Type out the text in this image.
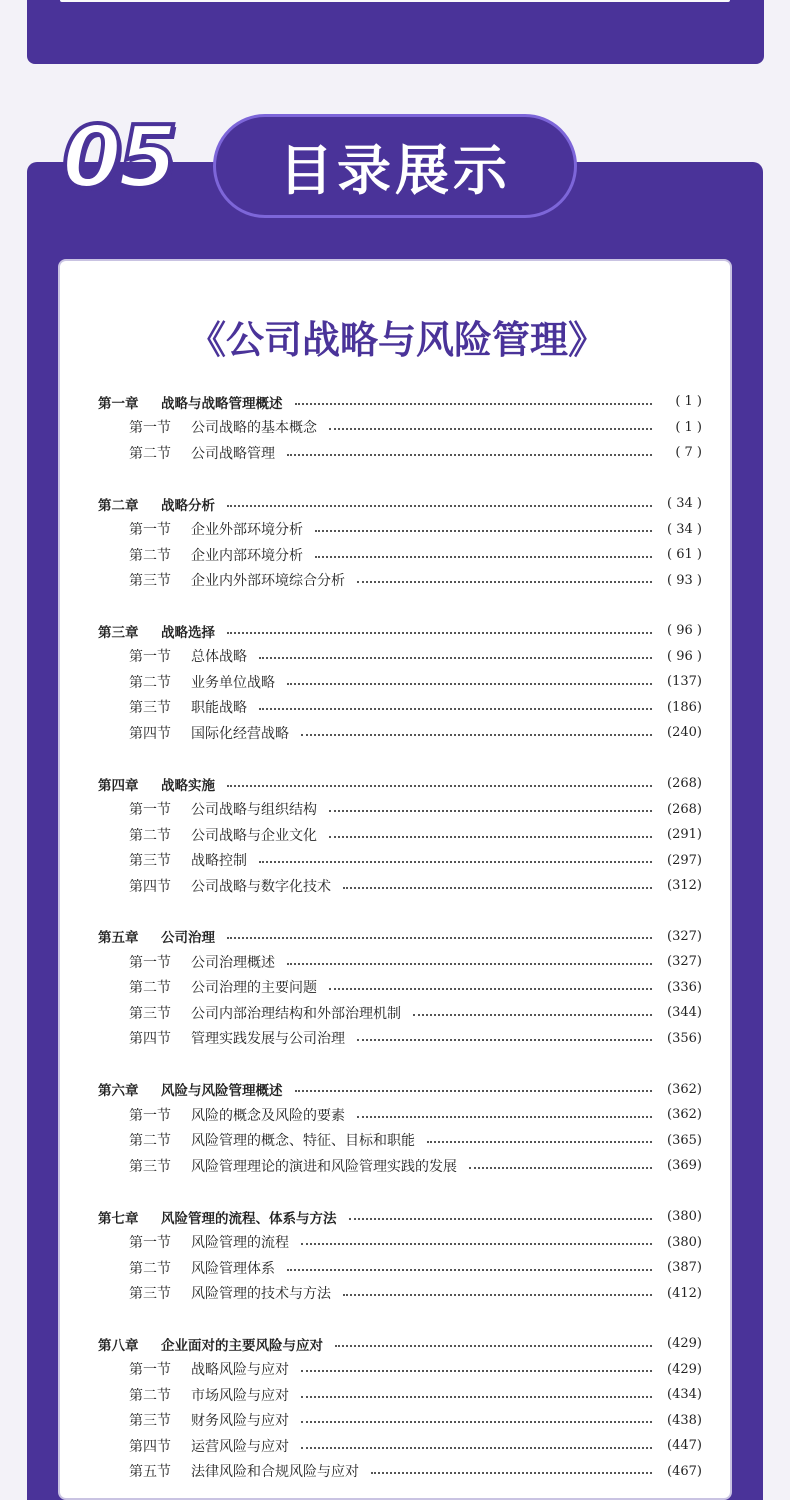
05 目录展示
《公司战略与风险管理》
第一章	战略与战略管理概述	( 1 )
第一节	公司战略的基本概念	( 1 )
第二节	公司战略管理	( 7 )
第二章	战略分析	( 34 )
第一节	企业外部环境分析	( 34 )
第二节	企业内部环境分析	( 61 )
第三节	企业内外部环境综合分析	( 93 )
第三章	战略选择	( 96 )
第一节	总体战略	( 96 )
第二节	业务单位战略	(137)
第三节	职能战略	(186)
第四节	国际化经营战略	(240)
第四章	战略实施	(268)
第一节	公司战略与组织结构	(268)
第二节	公司战略与企业文化	(291)
第三节	战略控制	(297)
第四节	公司战略与数字化技术	(312)
第五章	公司治理	(327)
第一节	公司治理概述	(327)
第二节	公司治理的主要问题	(336)
第三节	公司内部治理结构和外部治理机制	(344)
第四节	管理实践发展与公司治理	(356)
第六章	风险与风险管理概述	(362)
第一节	风险的概念及风险的要素	(362)
第二节	风险管理的概念、特征、目标和职能	(365)
第三节	风险管理理论的演进和风险管理实践的发展	(369)
第七章	风险管理的流程、体系与方法	(380)
第一节	风险管理的流程	(380)
第二节	风险管理体系	(387)
第三节	风险管理的技术与方法	(412)
第八章	企业面对的主要风险与应对	(429)
第一节	战略风险与应对	(429)
第二节	市场风险与应对	(434)
第三节	财务风险与应对	(438)
第四节	运营风险与应对	(447)
第五节	法律风险和合规风险与应对	(467)
